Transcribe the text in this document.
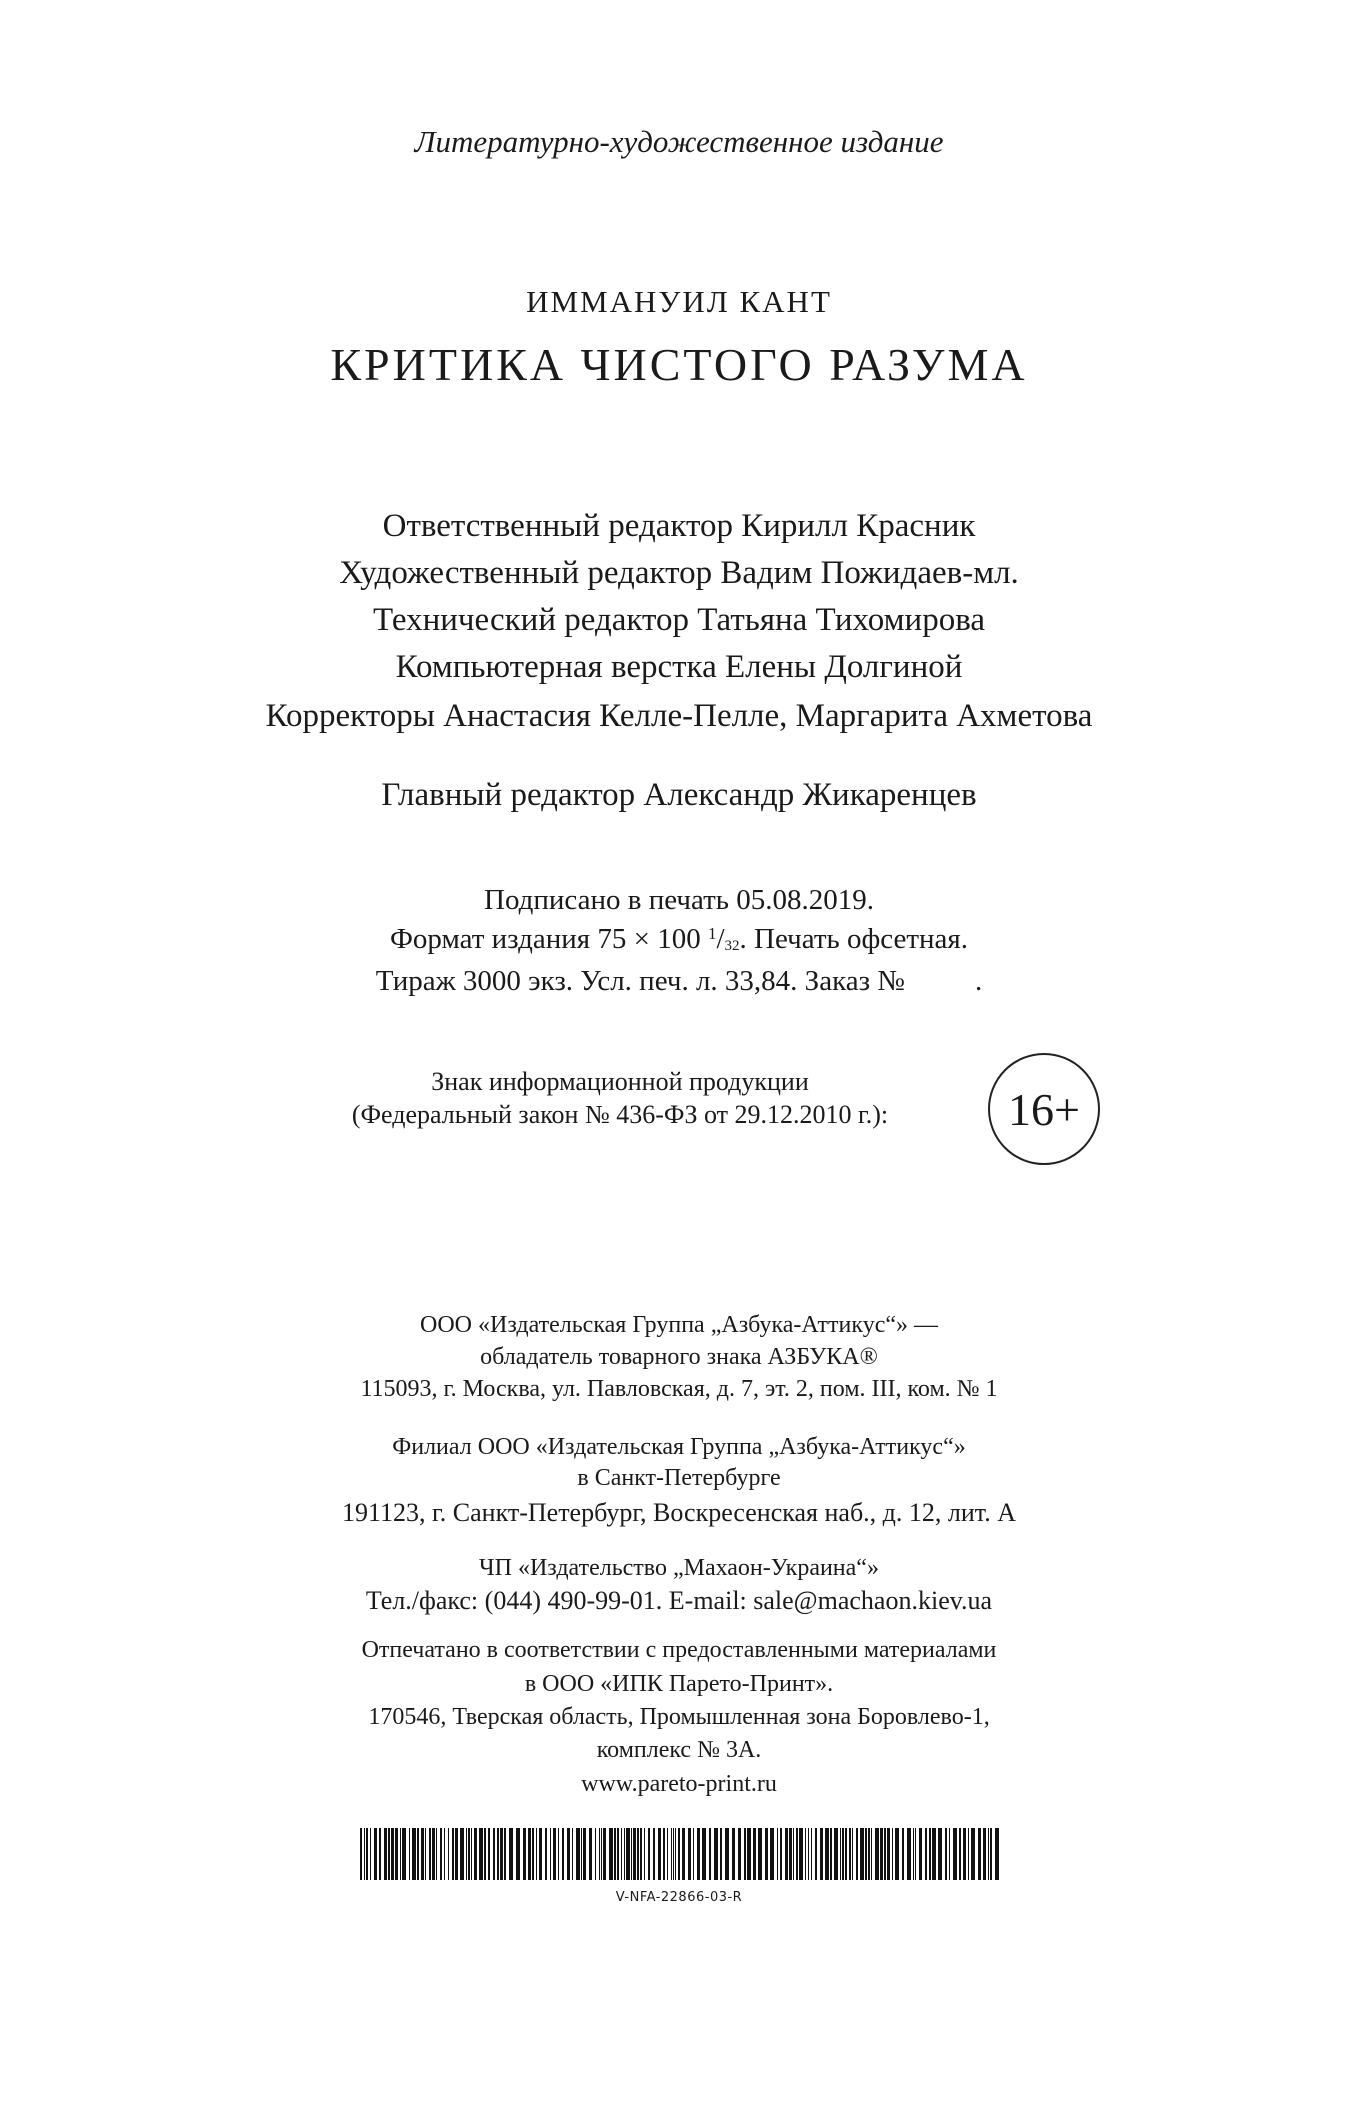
Литературно-художественное издание
ИММАНУИЛ КАНТ
КРИТИКА ЧИСТОГО РАЗУМА
Ответственный редактор Кирилл Красник
Художественный редактор Вадим Пожидаев-мл.
Технический редактор Татьяна Тихомирова
Компьютерная верстка Елены Долгиной
Корректоры Анастасия Келле-Пелле, Маргарита Ахметова
Главный редактор Александр Жикаренцев
Подписано в печать 05.08.2019.
Формат издания 75 × 100 $^1$/32. Печать офсетная.
Тираж 3000 экз. Усл. печ. л. 33,84. Заказ № .
Знак информационной продукции
(Федеральный закон № 436-ФЗ от 29.12.2010 г.):	16+
ООО «Издательская Группа „Азбука-Аттикус“» —
обладатель товарного знака АЗБУКА®
115093, г. Москва, ул. Павловская, д. 7, эт. 2, пом. III, ком. № 1
Филиал ООО «Издательская Группа „Азбука-Аттикус“»
в Санкт-Петербурге
191123, г. Санкт-Петербург, Воскресенская наб., д. 12, лит. А
ЧП «Издательство „Махаон-Украина“»
Тел./факс: (044) 490-99-01. E-mail: sale@machaon.kiev.ua
Отпечатано в соответствии с предоставленными материалами
в ООО «ИПК Парето-Принт».
170546, Тверская область, Промышленная зона Боровлево-1,
комплекс № 3А.
www.pareto-print.ru
V-NFA-22866-03-R
